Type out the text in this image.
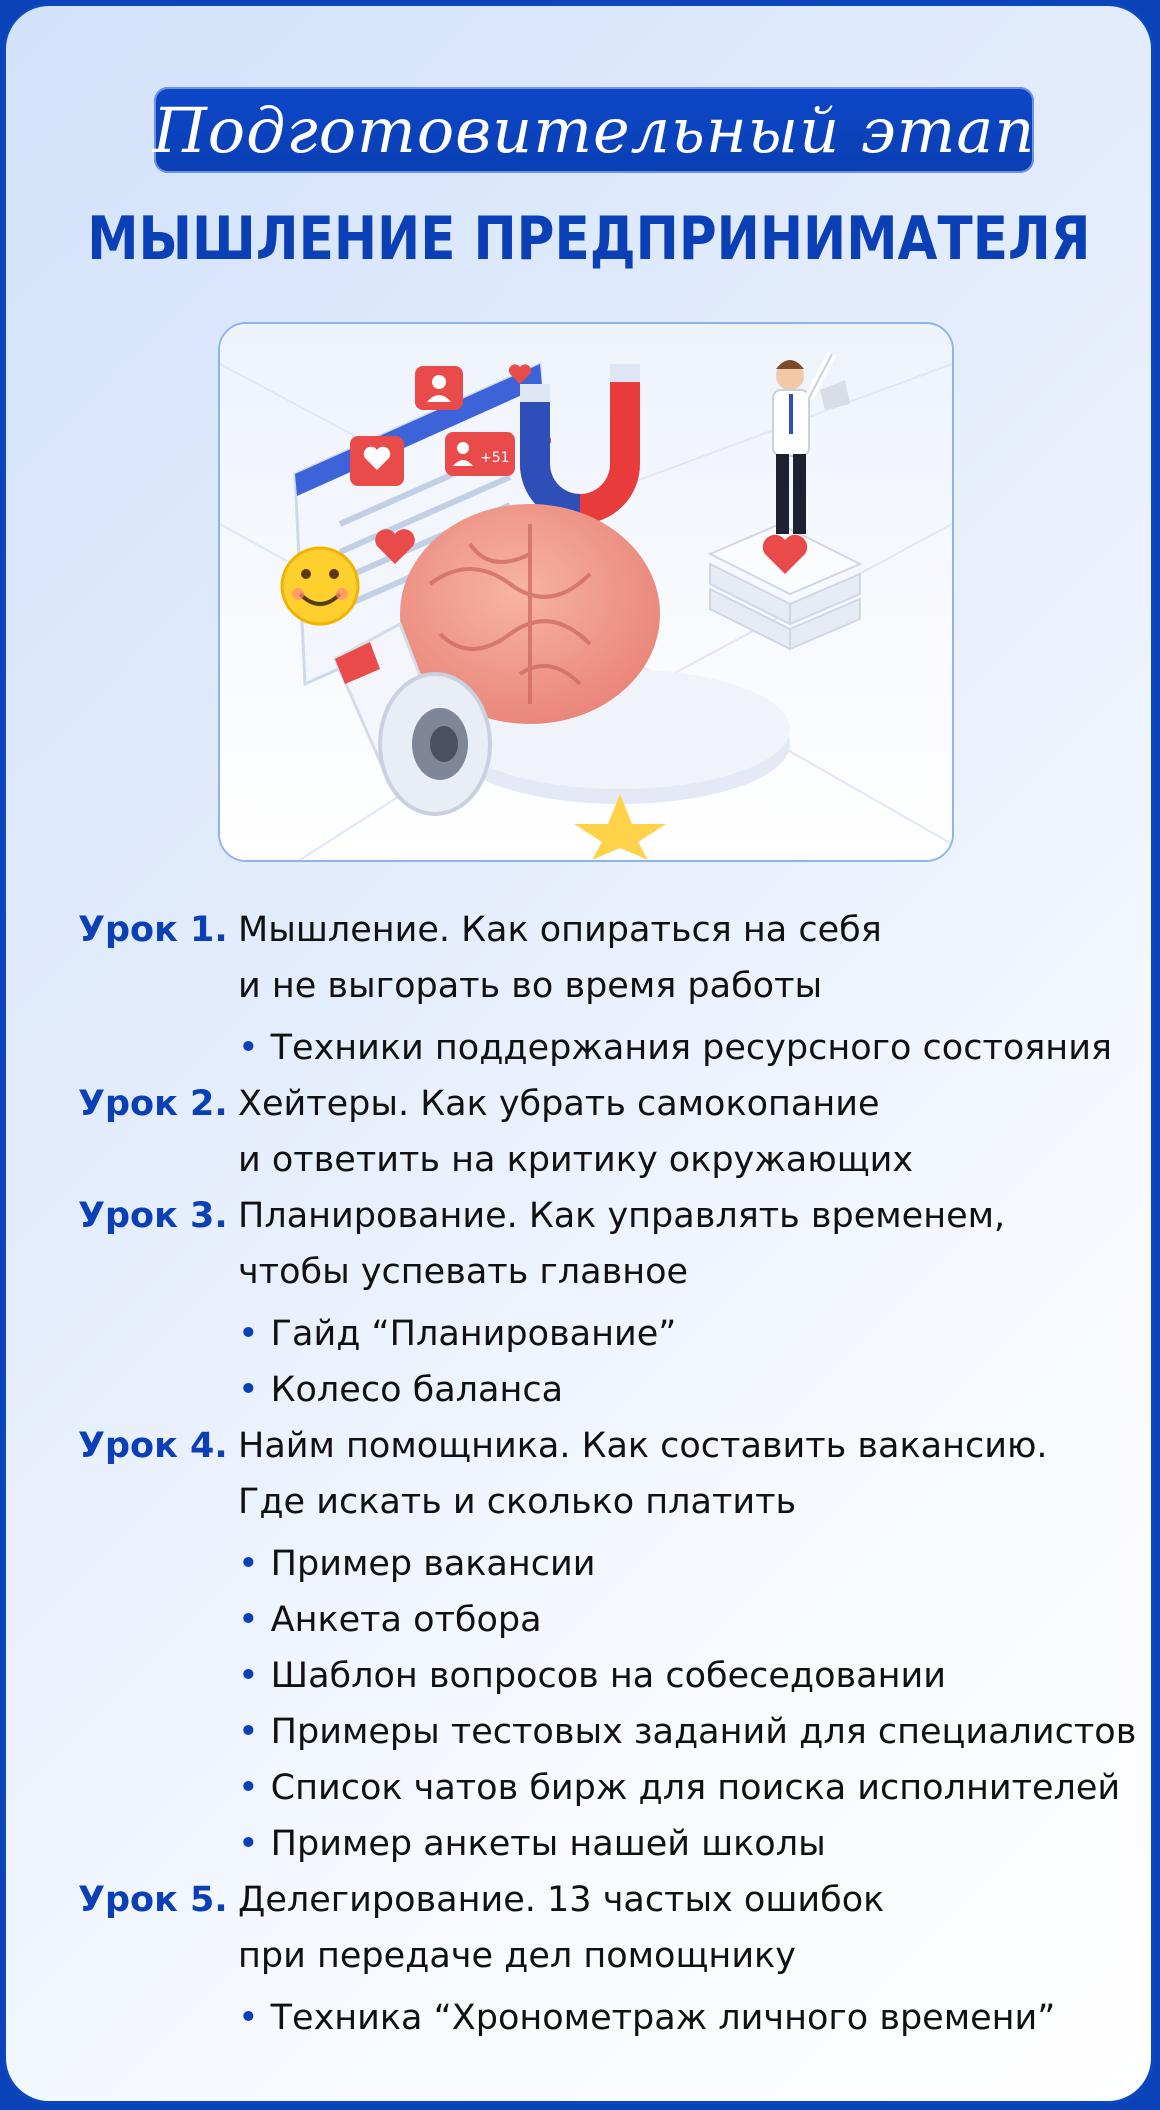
Подготовительный этап
МЫШЛЕНИЕ ПРЕДПРИНИМАТЕЛЯ
+51
Урок 1. Мышление. Как опираться на себя
и не выгорать во время работы
• Техники поддержания ресурсного состояния
Урок 2. Хейтеры. Как убрать самокопание
и ответить на критику окружающих
Урок 3. Планирование. Как управлять временем,
чтобы успевать главное
• Гайд “Планирование”
• Колесо баланса
Урок 4. Найм помощника. Как составить вакансию.
Где искать и сколько платить
• Пример вакансии
• Анкета отбора
• Шаблон вопросов на собеседовании
• Примеры тестовых заданий для специалистов
• Список чатов бирж для поиска исполнителей
• Пример анкеты нашей школы
Урок 5. Делегирование. 13 частых ошибок
при передаче дел помощнику
• Техника “Хронометраж личного времени”
